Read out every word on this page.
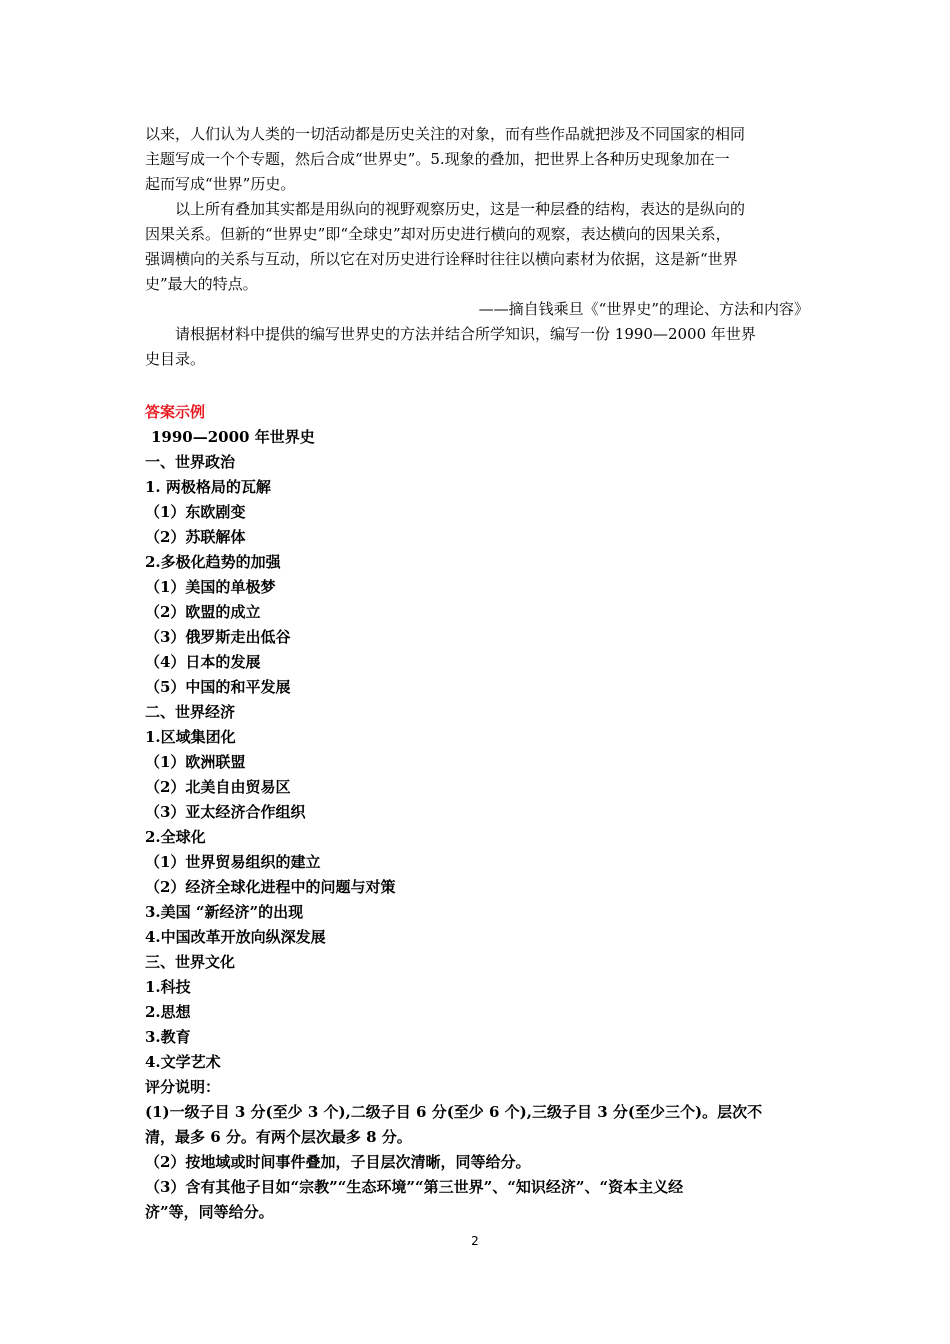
以来，人们认为人类的一切活动都是历史关注的对象，而有些作品就把涉及不同国家的相同

主题写成一个个专题，然后合成“世界史”。5.现象的叠加，把世界上各种历史现象加在一

起而写成“世界”历史。

以上所有叠加其实都是用纵向的视野观察历史，这是一种层叠的结构，表达的是纵向的

因果关系。但新的“世界史”即“全球史”却对历史进行横向的观察，表达横向的因果关系，

强调横向的关系与互动，所以它在对历史进行诠释时往往以横向素材为依据，这是新“世界

史”最大的特点。

——摘自钱乘旦《“世界史”的理论、方法和内容》

请根据材料中提供的编写世界史的方法并结合所学知识，编写一份 1990—2000 年世界

史目录。

答案示例

1990—2000 年世界史

一、世界政治

1. 两极格局的瓦解

（1）东欧剧变

（2）苏联解体

2.多极化趋势的加强

（1）美国的单极梦

（2）欧盟的成立

（3）俄罗斯走出低谷

（4）日本的发展

（5）中国的和平发展

二、世界经济

1.区域集团化

（1）欧洲联盟

（2）北美自由贸易区

（3）亚太经济合作组织

2.全球化

（1）世界贸易组织的建立

（2）经济全球化进程中的问题与对策

3.美国 “新经济”的出现

4.中国改革开放向纵深发展

三、世界文化

1.科技

2.思想

3.教育

4.文学艺术

评分说明：

(1)一级子目 3 分(至少 3 个),二级子目 6 分(至少 6 个),三级子目 3 分(至少三个)。层次不

清，最多 6 分。有两个层次最多 8 分。

（2）按地域或时间事件叠加，子目层次清晰，同等给分。

（3）含有其他子目如“宗教”“生态环境”“第三世界”、“知识经济”、“资本主义经

济”等，同等给分。

2
